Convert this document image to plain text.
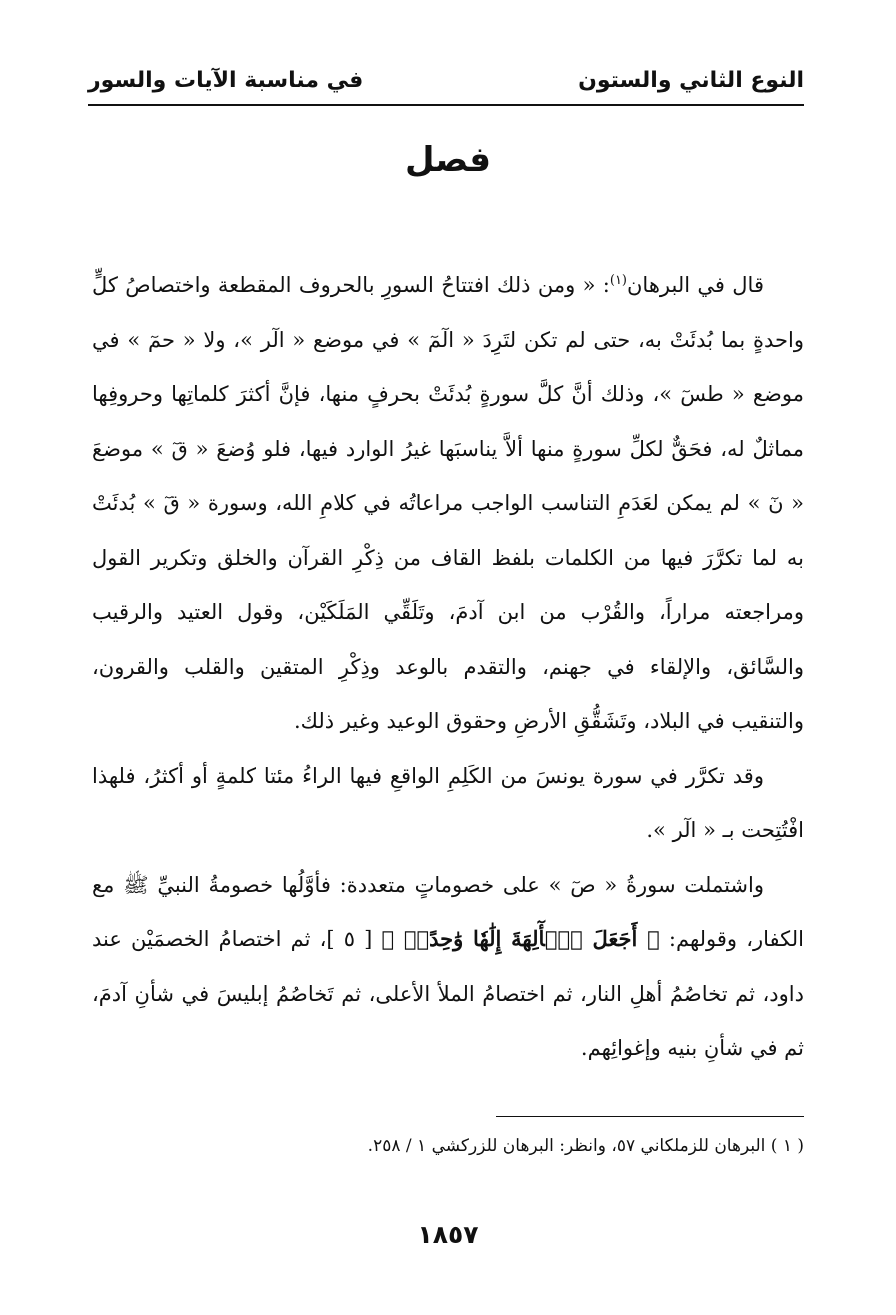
النوع الثاني والستون
في مناسبة الآيات والسور
فصل

قال في البرهان$^{(١)}$: « ومن ذلك افتتاحُ السورِ بالحروف المقطعة واختصاصُ كلٍّ واحدةٍ بما بُدئَتْ به، حتى لم تكن لتَرِدَ « الٓمٓ » في موضع « الٓر »، ولا « حمٓ » في موضع « طسٓ »، وذلك أنَّ كلَّ سورةٍ بُدئَتْ بحرفٍ منها، فإنَّ أكثرَ كلماتِها وحروفِها مماثلٌ له، فحَقٌّ لكلِّ سورةٍ منها ألاَّ يناسبَها غيرُ الوارد فيها، فلو وُضعَ « قٓ » موضعَ « نٓ » لم يمكن لعَدَمِ التناسب الواجب مراعاتُه في كلامِ الله، وسورة « قٓ » بُدئَتْ به لما تكرَّرَ فيها من الكلمات بلفظ القاف من ذِكْرِ القرآن والخلق وتكرير القول ومراجعته مراراً، والقُرْب من ابن آدمَ، وتَلَقِّي المَلَكَيْن، وقول العتيد والرقيب والسَّائق، والإلقاء في جهنم، والتقدم بالوعد وذِكْرِ المتقين والقلب والقرون، والتنقيب في البلاد، وتَشَقُّقِ الأرضِ وحقوق الوعيد وغير ذلك.

وقد تكرَّر في سورة يونسَ من الكَلِمِ الواقعِ فيها الراءُ مئتا كلمةٍ أو أكثرُ، فلهذا افْتُتِحت بـ « الٓر ».

واشتملت سورةُ « صٓ » على خصوماتٍ متعددة: فأوَّلُها خصومةُ النبيِّ ﷺ مع الكفار، وقولهم: ﴿ أَجَعَلَ ٱلۡأٓلِهَةَ إِلَٰهٗا وَٰحِدًاۖ ﴾ [ ٥ ]، ثم اختصامُ الخصمَيْن عند داود، ثم تخاصُمُ أهلِ النار، ثم اختصامُ الملأ الأعلى، ثم تَخاصُمُ إبليسَ في شأنِ آدمَ، ثم في شأنِ بنيه وإغوائِهم.

( ١ ) البرهان للزملكاني ٥٧، وانظر: البرهان للزركشي ١ / ٢٥٨.
١٨٥٧
